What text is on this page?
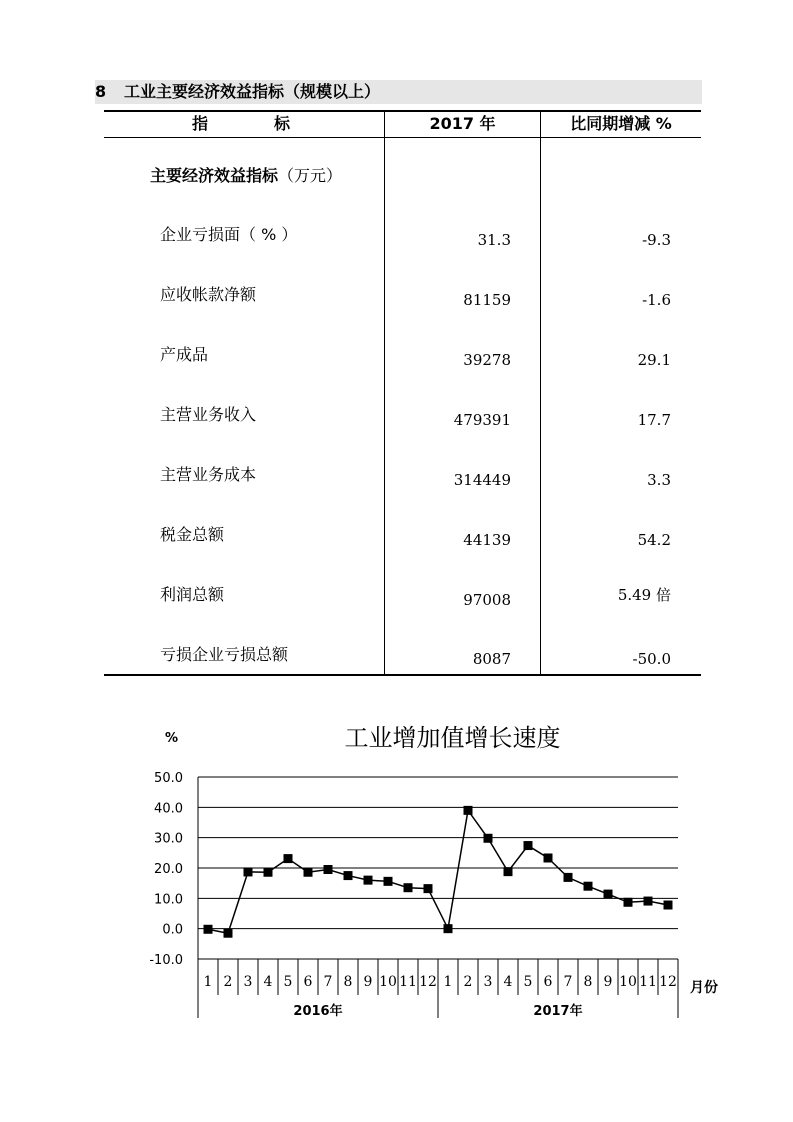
8 工业主要经济效益指标（规模以上）
指	标	2017 年	比同期增减 %
主要经济效益指标（万元）
企业亏损面（ % ）	31.3	-9.3
应收帐款净额	81159	-1.6
产成品	39278	29.1
主营业务收入	479391	17.7
主营业务成本	314449	3.3
税金总额	44139	54.2
利润总额	97008	5.49 倍
亏损企业亏损总额	8087	-50.0
工业增加值增长速度
-10.0
0.0
10.0
20.0
30.0
40.0
50.0
%
1 2 3 4 5 6 7 8 9 10 11 12 1 2 3 4 5 6 7 8 9 10 11 12
2016年	2017年
月份
